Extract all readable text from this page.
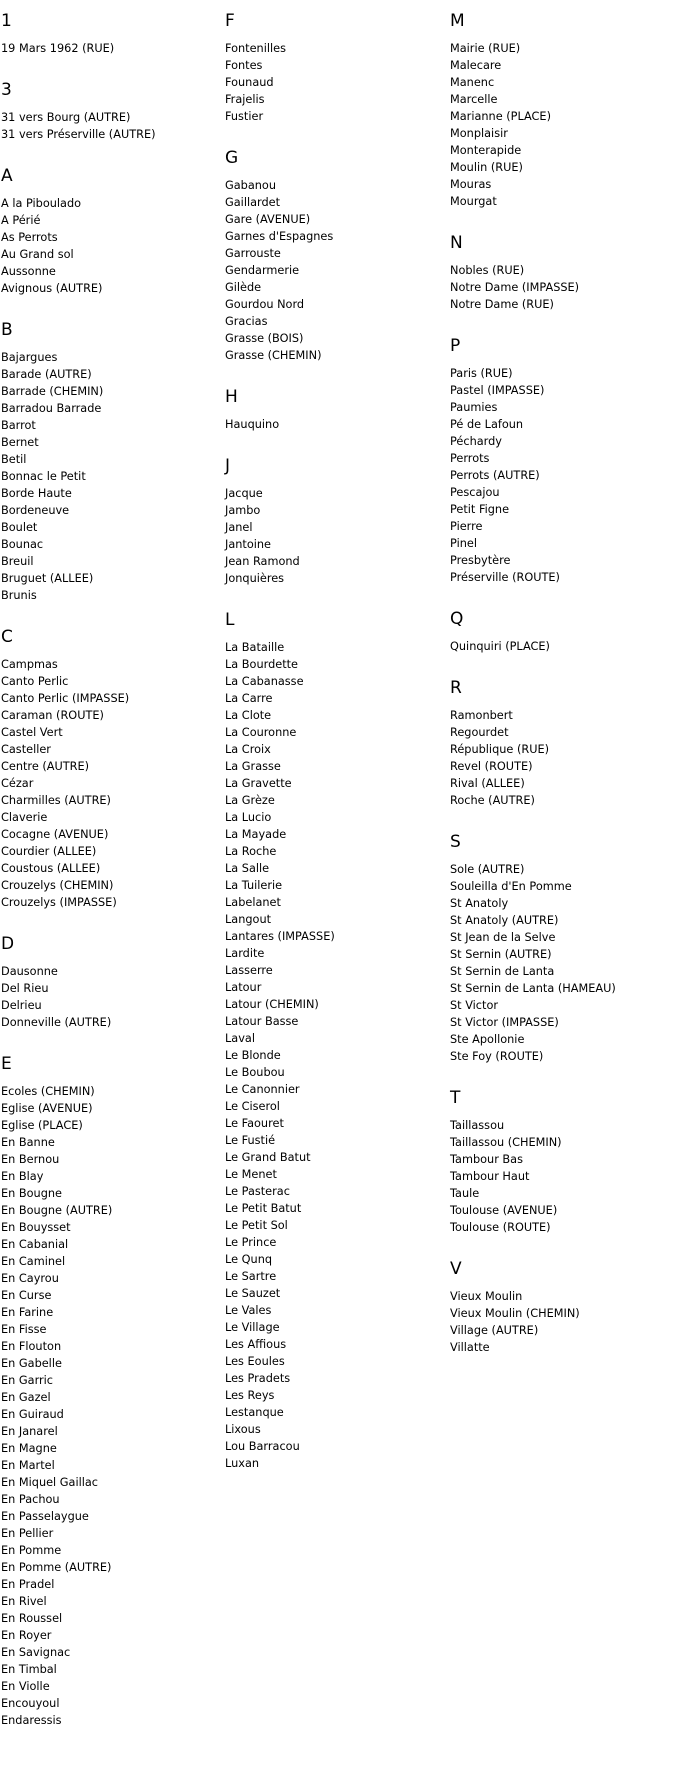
1
19 Mars 1962 (RUE)
3
31 vers Bourg (AUTRE)
31 vers Préserville (AUTRE)
A
A la Piboulado
A Périé
As Perrots
Au Grand sol
Aussonne
Avignous (AUTRE)
B
Bajargues
Barade (AUTRE)
Barrade (CHEMIN)
Barradou Barrade
Barrot
Bernet
Betil
Bonnac le Petit
Borde Haute
Bordeneuve
Boulet
Bounac
Breuil
Bruguet (ALLEE)
Brunis
C
Campmas
Canto Perlic
Canto Perlic (IMPASSE)
Caraman (ROUTE)
Castel Vert
Casteller
Centre (AUTRE)
Cézar
Charmilles (AUTRE)
Claverie
Cocagne (AVENUE)
Courdier (ALLEE)
Coustous (ALLEE)
Crouzelys (CHEMIN)
Crouzelys (IMPASSE)
D
Dausonne
Del Rieu
Delrieu
Donneville (AUTRE)
E
Ecoles (CHEMIN)
Eglise (AVENUE)
Eglise (PLACE)
En Banne
En Bernou
En Blay
En Bougne
En Bougne (AUTRE)
En Bouysset
En Cabanial
En Caminel
En Cayrou
En Curse
En Farine
En Fisse
En Flouton
En Gabelle
En Garric
En Gazel
En Guiraud
En Janarel
En Magne
En Martel
En Miquel Gaillac
En Pachou
En Passelaygue
En Pellier
En Pomme
En Pomme (AUTRE)
En Pradel
En Rivel
En Roussel
En Royer
En Savignac
En Timbal
En Violle
Encouyoul
Endaressis
F
Fontenilles
Fontes
Founaud
Frajelis
Fustier
G
Gabanou
Gaillardet
Gare (AVENUE)
Garnes d'Espagnes
Garrouste
Gendarmerie
Gilède
Gourdou Nord
Gracias
Grasse (BOIS)
Grasse (CHEMIN)
H
Hauquino
J
Jacque
Jambo
Janel
Jantoine
Jean Ramond
Jonquières
L
La Bataille
La Bourdette
La Cabanasse
La Carre
La Clote
La Couronne
La Croix
La Grasse
La Gravette
La Grèze
La Lucio
La Mayade
La Roche
La Salle
La Tuilerie
Labelanet
Langout
Lantares (IMPASSE)
Lardite
Lasserre
Latour
Latour (CHEMIN)
Latour Basse
Laval
Le Blonde
Le Boubou
Le Canonnier
Le Ciserol
Le Faouret
Le Fustié
Le Grand Batut
Le Menet
Le Pasterac
Le Petit Batut
Le Petit Sol
Le Prince
Le Qunq
Le Sartre
Le Sauzet
Le Vales
Le Village
Les Affious
Les Eoules
Les Pradets
Les Reys
Lestanque
Lixous
Lou Barracou
Luxan
M
Mairie (RUE)
Malecare
Manenc
Marcelle
Marianne (PLACE)
Monplaisir
Monterapide
Moulin (RUE)
Mouras
Mourgat
N
Nobles (RUE)
Notre Dame (IMPASSE)
Notre Dame (RUE)
P
Paris (RUE)
Pastel (IMPASSE)
Paumies
Pé de Lafoun
Péchardy
Perrots
Perrots (AUTRE)
Pescajou
Petit Figne
Pierre
Pinel
Presbytère
Préserville (ROUTE)
Q
Quinquiri (PLACE)
R
Ramonbert
Regourdet
République (RUE)
Revel (ROUTE)
Rival (ALLEE)
Roche (AUTRE)
S
Sole (AUTRE)
Souleilla d'En Pomme
St Anatoly
St Anatoly (AUTRE)
St Jean de la Selve
St Sernin (AUTRE)
St Sernin de Lanta
St Sernin de Lanta (HAMEAU)
St Victor
St Victor (IMPASSE)
Ste Apollonie
Ste Foy (ROUTE)
T
Taillassou
Taillassou (CHEMIN)
Tambour Bas
Tambour Haut
Taule
Toulouse (AVENUE)
Toulouse (ROUTE)
V
Vieux Moulin
Vieux Moulin (CHEMIN)
Village (AUTRE)
Villatte
